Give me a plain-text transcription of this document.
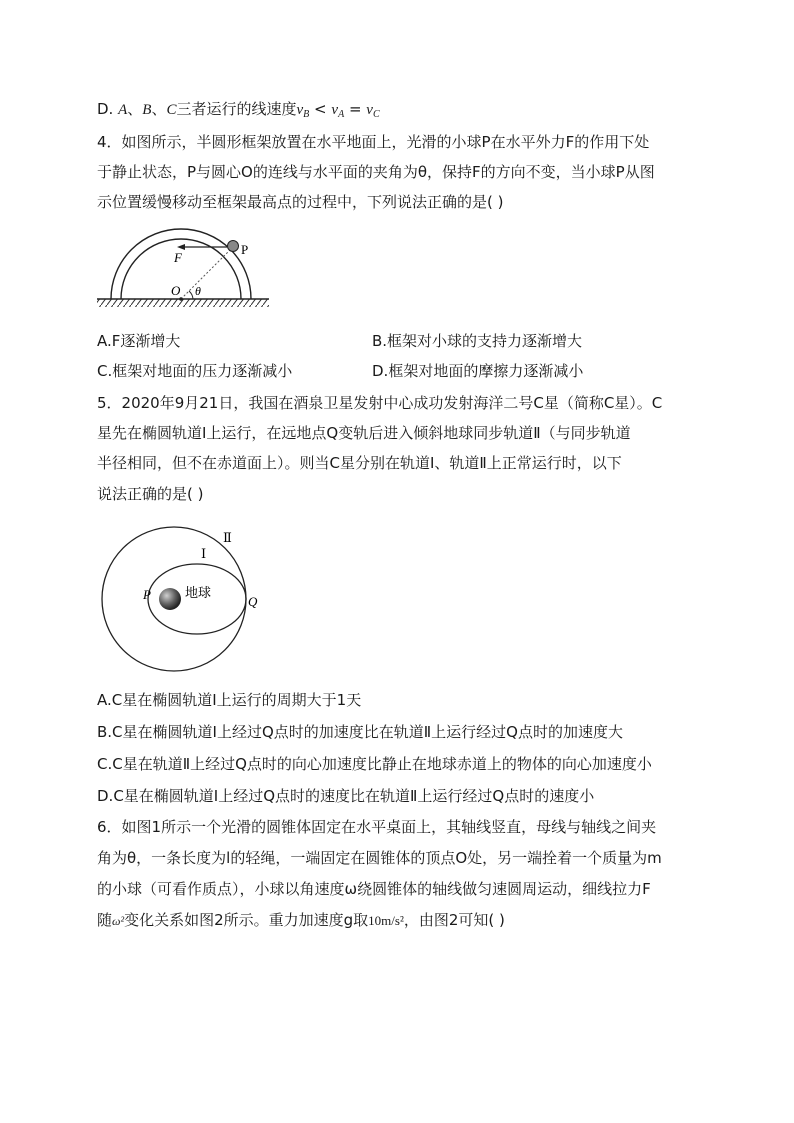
D. A、B、C三者运行的线速度$v_B < v_A = v_C$
4．如图所示，半圆形框架放置在水平地面上，光滑的小球P在水平外力F的作用下处
于静止状态，P与圆心O的连线与水平面的夹角为θ，保持F的方向不变，当小球P从图
示位置缓慢移动至框架最高点的过程中，下列说法正确的是( )
F
P
O θ
A.F逐渐增大	B.框架对小球的支持力逐渐增大
C.框架对地面的压力逐渐减小	D.框架对地面的摩擦力逐渐减小
5．2020年9月21日，我国在酒泉卫星发射中心成功发射海洋二号C星（简称C星）。C
星先在椭圆轨道Ⅰ上运行，在远地点Q变轨后进入倾斜地球同步轨道Ⅱ（与同步轨道
半径相同，但不在赤道面上）。则当C星分别在轨道Ⅰ、轨道Ⅱ上正常运行时，以下
说法正确的是( )
Ⅰ
Ⅱ
P	Q
地球
A.C星在椭圆轨道Ⅰ上运行的周期大于1天
B.C星在椭圆轨道Ⅰ上经过Q点时的加速度比在轨道Ⅱ上运行经过Q点时的加速度大
C.C星在轨道Ⅱ上经过Q点时的向心加速度比静止在地球赤道上的物体的向心加速度小
D.C星在椭圆轨道Ⅰ上经过Q点时的速度比在轨道Ⅱ上运行经过Q点时的速度小
6．如图1所示一个光滑的圆锥体固定在水平桌面上，其轴线竖直，母线与轴线之间夹
角为θ，一条长度为l的轻绳，一端固定在圆锥体的顶点O处，另一端拴着一个质量为m
的小球（可看作质点），小球以角速度ω绕圆锥体的轴线做匀速圆周运动，细线拉力F
随ω²变化关系如图2所示。重力加速度g取10m/s²，由图2可知( )
